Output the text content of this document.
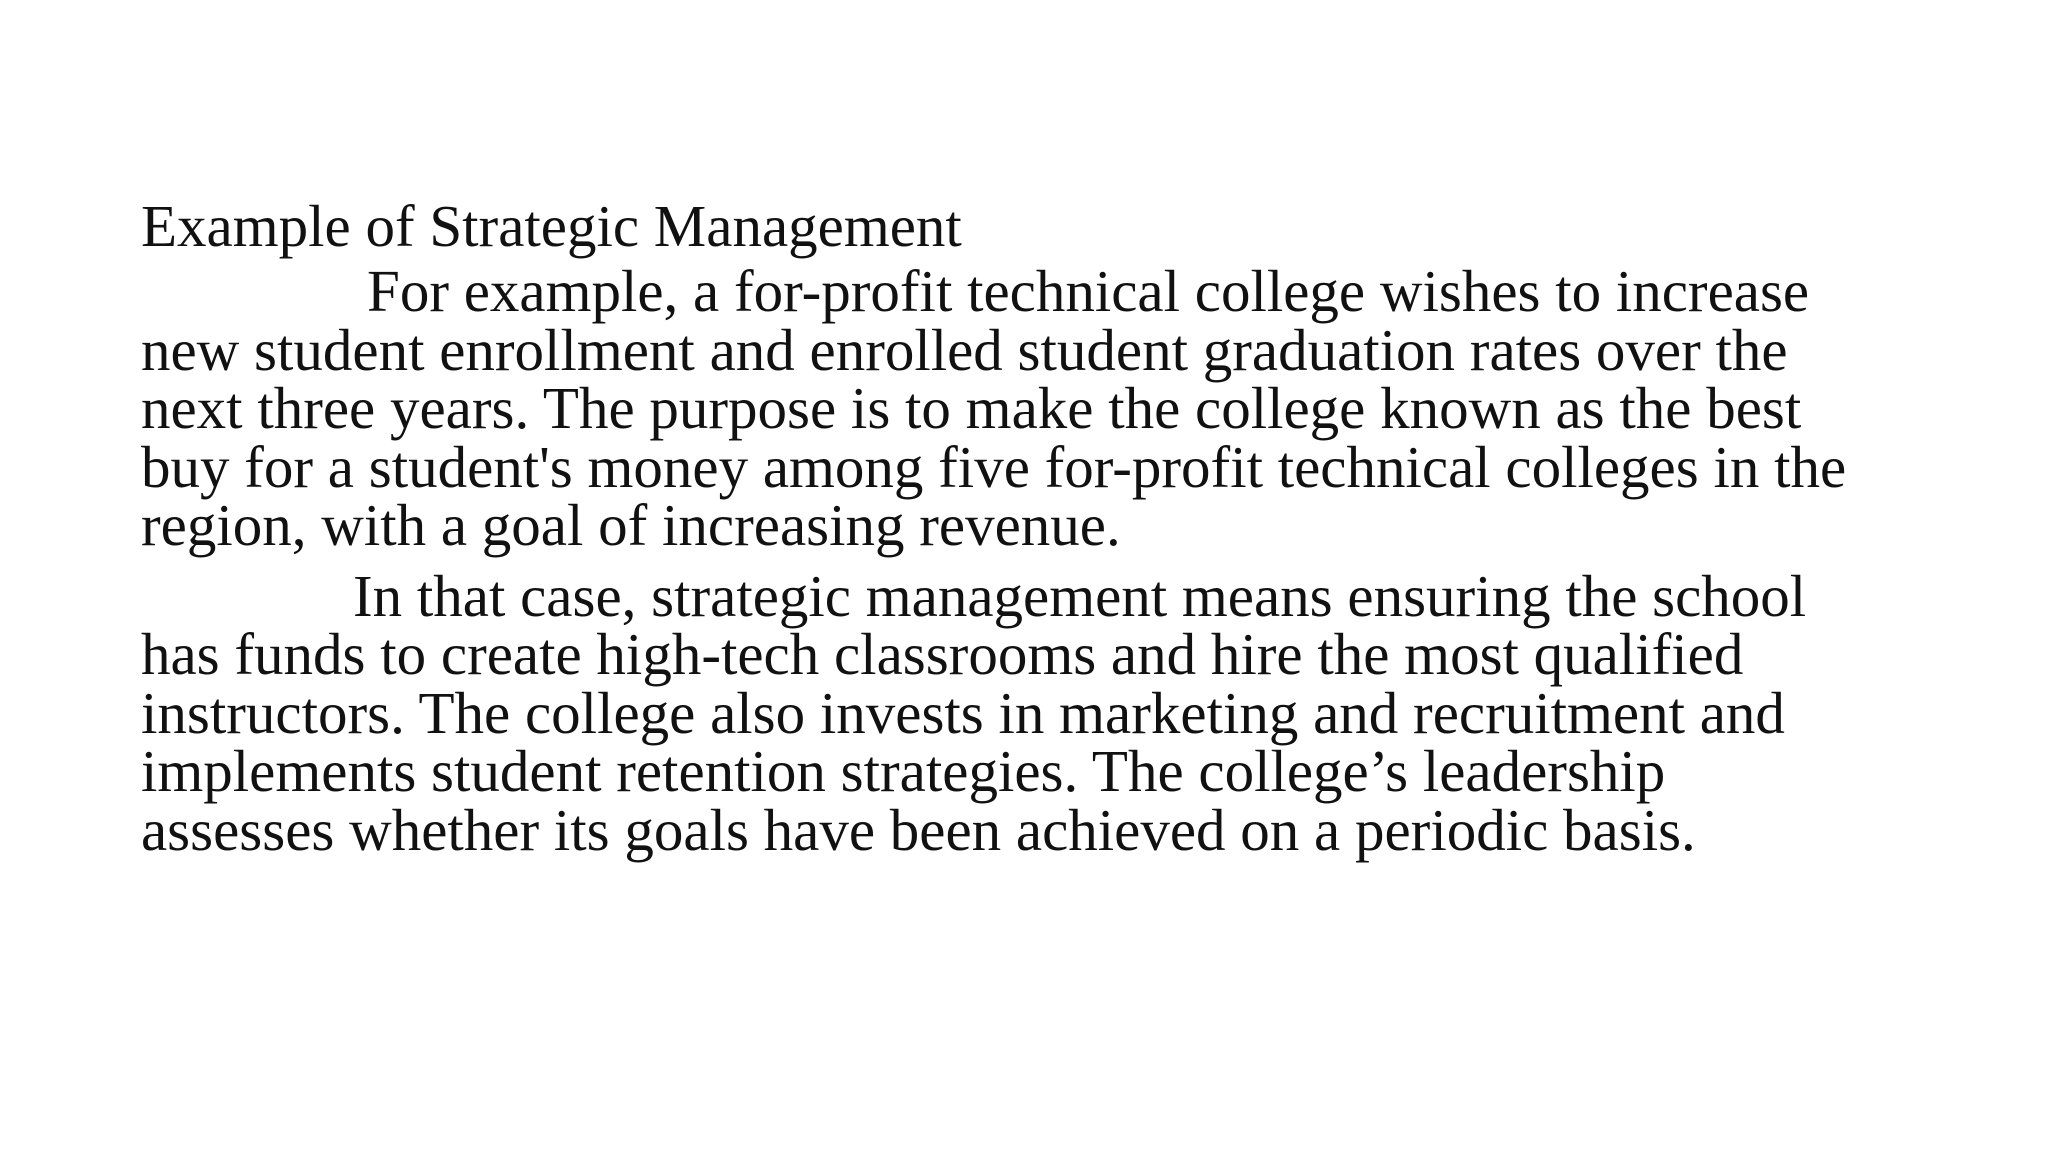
Example of Strategic Management
For example, a for-profit technical college wishes to increase
new student enrollment and enrolled student graduation rates over the
next three years. The purpose is to make the college known as the best
buy for a student's money among five for-profit technical colleges in the
region, with a goal of increasing revenue.
In that case, strategic management means ensuring the school
has funds to create high-tech classrooms and hire the most qualified
instructors. The college also invests in marketing and recruitment and
implements student retention strategies. The college’s leadership
assesses whether its goals have been achieved on a periodic basis.
